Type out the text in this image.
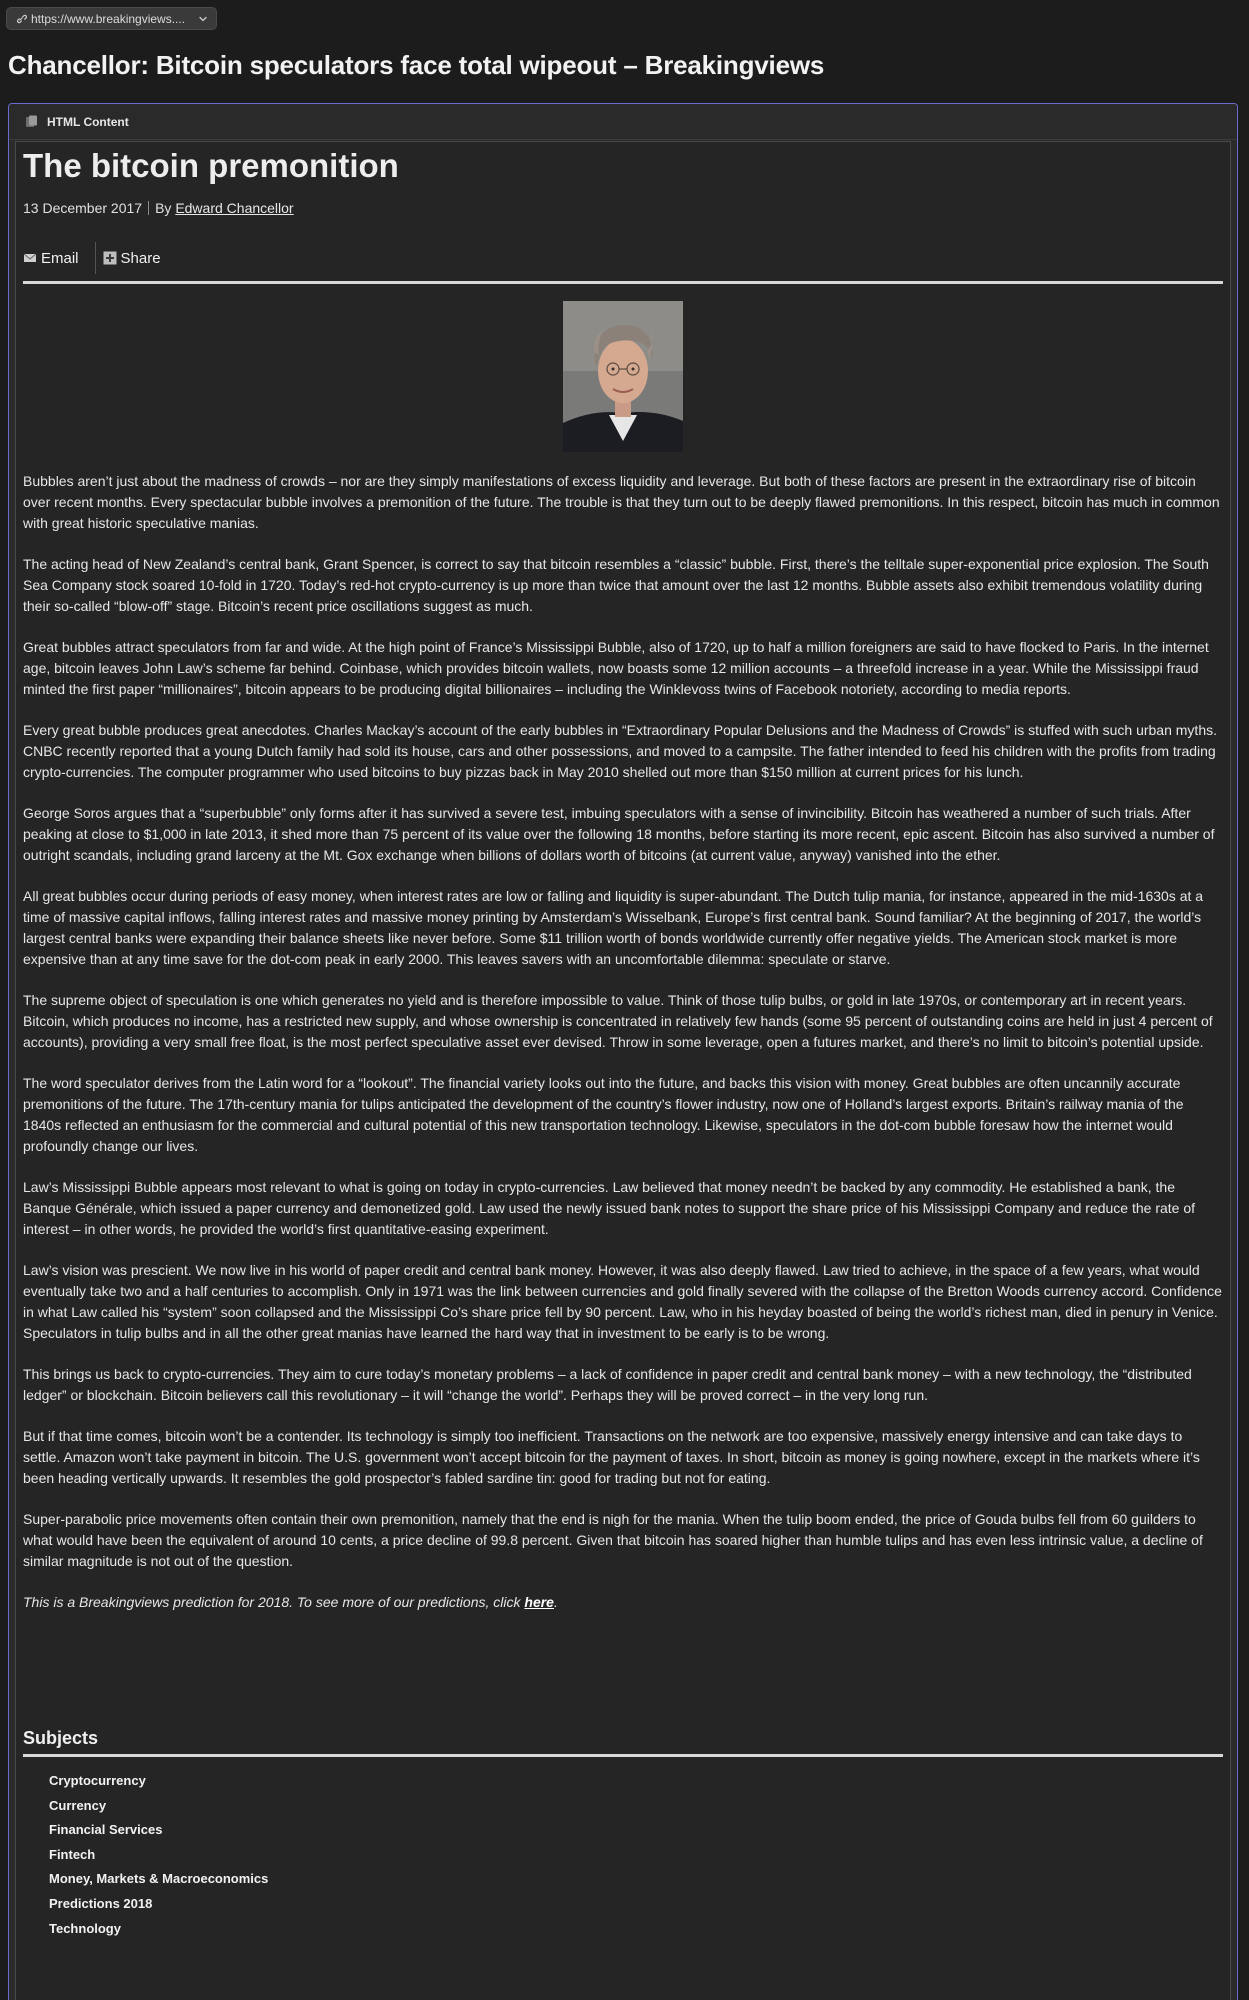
https://www.breakingviews....
Chancellor: Bitcoin speculators face total wipeout – Breakingviews
HTML Content
The bitcoin premonition
13 December 2017 By
Edward Chancellor
Email	Share

Bubbles aren’t just about the madness of crowds – nor are they simply manifestations of excess liquidity and leverage. But both of these factors are present in the extraordinary rise of bitcoin over recent months. Every spectacular bubble involves a premonition of the future. The trouble is that they turn out to be deeply flawed premonitions. In this respect, bitcoin has much in common with great historic speculative manias.

The acting head of New Zealand’s central bank, Grant Spencer, is correct to say that bitcoin resembles a “classic” bubble. First, there’s the telltale super-exponential price explosion. The South Sea Company stock soared 10-fold in 1720. Today’s red-hot crypto-currency is up more than twice that amount over the last 12 months. Bubble assets also exhibit tremendous volatility during their so-called “blow-off” stage. Bitcoin’s recent price oscillations suggest as much.

Great bubbles attract speculators from far and wide. At the high point of France’s Mississippi Bubble, also of 1720, up to half a million foreigners are said to have flocked to Paris. In the internet age, bitcoin leaves John Law’s scheme far behind. Coinbase, which provides bitcoin wallets, now boasts some 12 million accounts – a threefold increase in a year. While the Mississippi fraud minted the first paper “millionaires”, bitcoin appears to be producing digital billionaires – including the Winklevoss twins of Facebook notoriety, according to media reports.

Every great bubble produces great anecdotes. Charles Mackay’s account of the early bubbles in “Extraordinary Popular Delusions and the Madness of Crowds” is stuffed with such urban myths. CNBC recently reported that a young Dutch family had sold its house, cars and other possessions, and moved to a campsite. The father intended to feed his children with the profits from trading crypto-currencies. The computer programmer who used bitcoins to buy pizzas back in May 2010 shelled out more than $150 million at current prices for his lunch.

George Soros argues that a “superbubble” only forms after it has survived a severe test, imbuing speculators with a sense of invincibility. Bitcoin has weathered a number of such trials. After peaking at close to $1,000 in late 2013, it shed more than 75 percent of its value over the following 18 months, before starting its more recent, epic ascent. Bitcoin has also survived a number of outright scandals, including grand larceny at the Mt. Gox exchange when billions of dollars worth of bitcoins (at current value, anyway) vanished into the ether.

All great bubbles occur during periods of easy money, when interest rates are low or falling and liquidity is super-abundant. The Dutch tulip mania, for instance, appeared in the mid-1630s at a time of massive capital inflows, falling interest rates and massive money printing by Amsterdam’s Wisselbank, Europe’s first central bank. Sound familiar? At the beginning of 2017, the world’s largest central banks were expanding their balance sheets like never before. Some $11 trillion worth of bonds worldwide currently offer negative yields. The American stock market is more expensive than at any time save for the dot-com peak in early 2000. This leaves savers with an uncomfortable dilemma: speculate or starve.

The supreme object of speculation is one which generates no yield and is therefore impossible to value. Think of those tulip bulbs, or gold in late 1970s, or contemporary art in recent years. Bitcoin, which produces no income, has a restricted new supply, and whose ownership is concentrated in relatively few hands (some 95 percent of outstanding coins are held in just 4 percent of accounts), providing a very small free float, is the most perfect speculative asset ever devised. Throw in some leverage, open a futures market, and there’s no limit to bitcoin’s potential upside.

The word speculator derives from the Latin word for a “lookout”. The financial variety looks out into the future, and backs this vision with money. Great bubbles are often uncannily accurate premonitions of the future. The 17th-century mania for tulips anticipated the development of the country’s flower industry, now one of Holland’s largest exports. Britain’s railway mania of the 1840s reflected an enthusiasm for the commercial and cultural potential of this new transportation technology. Likewise, speculators in the dot-com bubble foresaw how the internet would profoundly change our lives.

Law’s Mississippi Bubble appears most relevant to what is going on today in crypto-currencies. Law believed that money needn’t be backed by any commodity. He established a bank, the Banque Générale, which issued a paper currency and demonetized gold. Law used the newly issued bank notes to support the share price of his Mississippi Company and reduce the rate of interest – in other words, he provided the world’s first quantitative-easing experiment.

Law’s vision was prescient. We now live in his world of paper credit and central bank money. However, it was also deeply flawed. Law tried to achieve, in the space of a few years, what would eventually take two and a half centuries to accomplish. Only in 1971 was the link between currencies and gold finally severed with the collapse of the Bretton Woods currency accord. Confidence in what Law called his “system” soon collapsed and the Mississippi Co’s share price fell by 90 percent. Law, who in his heyday boasted of being the world’s richest man, died in penury in Venice. Speculators in tulip bulbs and in all the other great manias have learned the hard way that in investment to be early is to be wrong.

This brings us back to crypto-currencies. They aim to cure today’s monetary problems – a lack of confidence in paper credit and central bank money – with a new technology, the “distributed ledger” or blockchain. Bitcoin believers call this revolutionary – it will “change the world”. Perhaps they will be proved correct – in the very long run.

But if that time comes, bitcoin won’t be a contender. Its technology is simply too inefficient. Transactions on the network are too expensive, massively energy intensive and can take days to settle. Amazon won’t take payment in bitcoin. The U.S. government won’t accept bitcoin for the payment of taxes. In short, bitcoin as money is going nowhere, except in the markets where it’s been heading vertically upwards. It resembles the gold prospector’s fabled sardine tin: good for trading but not for eating.

Super-parabolic price movements often contain their own premonition, namely that the end is nigh for the mania. When the tulip boom ended, the price of Gouda bulbs fell from 60 guilders to what would have been the equivalent of around 10 cents, a price decline of 99.8 percent. Given that bitcoin has soared higher than humble tulips and has even less intrinsic value, a decline of similar magnitude is not out of the question.

This is a Breakingviews prediction for 2018. To see more of our predictions, click here.

Subjects
Cryptocurrency
Currency
Financial Services
Fintech
Money, Markets & Macroeconomics
Predictions 2018
Technology
